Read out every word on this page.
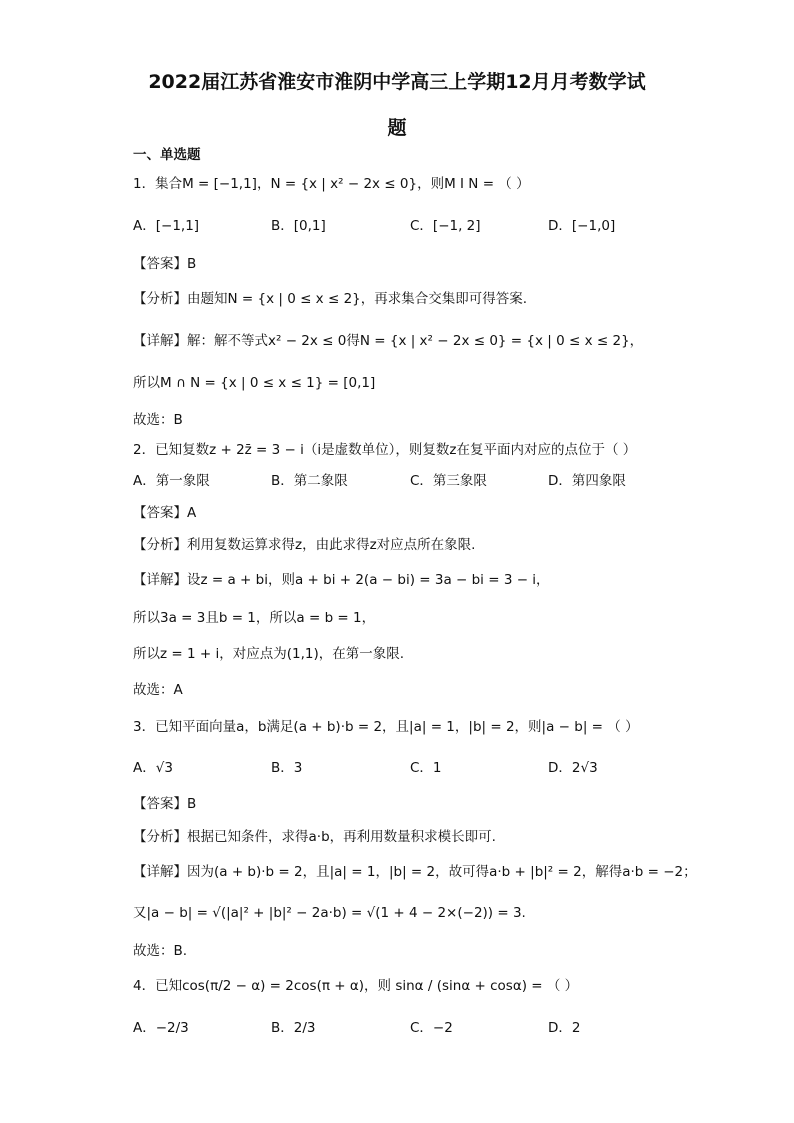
2022届江苏省淮安市淮阴中学高三上学期12月月考数学试
题
一、单选题
1．集合M = [−1,1]，N = {x | x² − 2x ≤ 0}，则M I N = （ ）
A．[−1,1]	B．[0,1]	C．[−1, 2]	D．[−1,0]
【答案】B
【分析】由题知N = {x | 0 ≤ x ≤ 2}，再求集合交集即可得答案.
【详解】解：解不等式x² − 2x ≤ 0得N = {x | x² − 2x ≤ 0} = {x | 0 ≤ x ≤ 2}，
所以M ∩ N = {x | 0 ≤ x ≤ 1} = [0,1]
故选：B
2．已知复数z + 2z̄ = 3 − i（i是虚数单位），则复数z在复平面内对应的点位于（ ）
A．第一象限	B．第二象限	C．第三象限	D．第四象限
【答案】A
【分析】利用复数运算求得z，由此求得z对应点所在象限.
【详解】设z = a + bi，则a + bi + 2(a − bi) = 3a − bi = 3 − i，
所以3a = 3且b = 1，所以a = b = 1，
所以z = 1 + i，对应点为(1,1)，在第一象限.
故选：A
3．已知平面向量a，b满足(a + b)·b = 2，且|a| = 1，|b| = 2，则|a − b| = （ ）
A．√3	B．3	C．1	D．2√3
【答案】B
【分析】根据已知条件，求得a·b，再利用数量积求模长即可.
【详解】因为(a + b)·b = 2，且|a| = 1，|b| = 2，故可得a·b + |b|² = 2，解得a·b = −2；
又|a − b| = √(|a|² + |b|² − 2a·b) = √(1 + 4 − 2×(−2)) = 3.
故选：B.
4．已知cos(π/2 − α) = 2cos(π + α)，则 sinα / (sinα + cosα) = （ ）
A．−2/3	B．2/3	C．−2	D．2
